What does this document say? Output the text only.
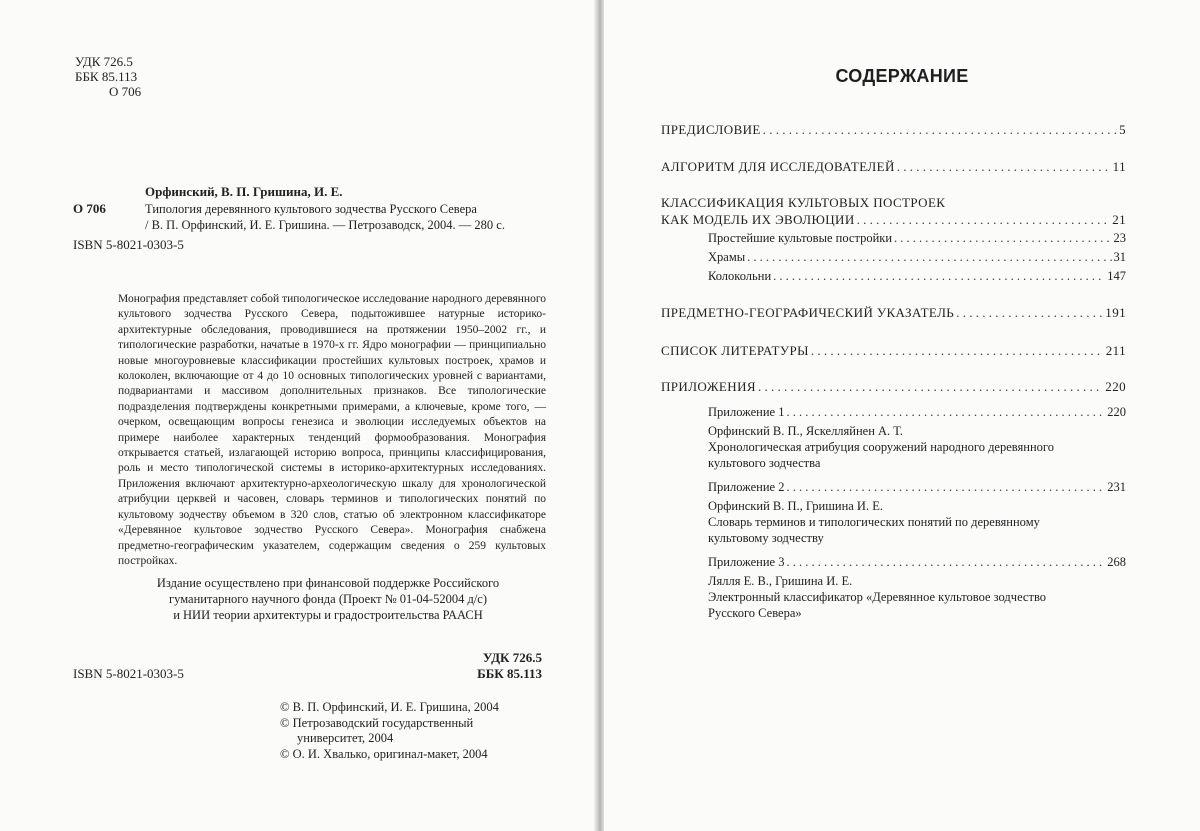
УДК 726.5
ББК 85.113
О 706
Орфинский, В. П. Гришина, И. Е.
О 706	Типология деревянного культового зодчества Русского Севера
/ В. П. Орфинский, И. Е. Гришина. — Петрозаводск, 2004. — 280 с.
ISBN 5-8021-0303-5

Монография представляет собой типологическое исследование народного деревянного культового зодчества Русского Севера, подытожившее натурные историко-архитектурные обследования, проводившиеся на протяжении 1950–2002 гг., и типологические разработки, начатые в 1970-х гг. Ядро монографии — принципиально новые многоуровневые классификации простейших культовых построек, храмов и колоколен, включающие от 4 до 10 основных типологических уровней с вариантами, подвариантами и массивом дополнительных признаков. Все типологические подразделения подтверждены конкретными примерами, а ключевые, кроме того, — очерком, освещающим вопросы генезиса и эволюции исследуемых объектов на примере наиболее характерных тенденций формообразования. Монография открывается статьей, излагающей историю вопроса, принципы классифицирования, роль и место типологической системы в историко-архитектурных исследованиях. Приложения включают архитектурно-археологическую шкалу для хронологической атрибуции церквей и часовен, словарь терминов и типологических понятий по культовому зодчеству объемом в 320 слов, статью об электронном классификаторе «Деревянное культовое зодчество Русского Севера». Монография снабжена предметно-географическим указателем, содержащим сведения о 259 культовых постройках.

Издание осуществлено при финансовой поддержке Российского
гуманитарного научного фонда (Проект № 01-04-52004 д/с)
и НИИ теории архитектуры и градостроительства РААСН
ISBN 5-8021-0303-5
УДК 726.5
ББК 85.113
© В. П. Орфинский, И. Е. Гришина, 2004
© Петрозаводский государственный
университет, 2004
© О. И. Хвалько, оригинал-макет, 2004
СОДЕРЖАНИЕ
ПРЕДИСЛОВИЕ . . .	5
АЛГОРИТМ ДЛЯ ИССЛЕДОВАТЕЛЕЙ . . .	11
КЛАССИФИКАЦИЯ КУЛЬТОВЫХ ПОСТРОЕК
КАК МОДЕЛЬ ИХ ЭВОЛЮЦИИ . . .	21
Простейшие культовые постройки . . .	23
Храмы . . .	31
Колокольни . . .	147
ПРЕДМЕТНО-ГЕОГРАФИЧЕСКИЙ УКАЗАТЕЛЬ . . .	191
СПИСОК ЛИТЕРАТУРЫ . . .	211
ПРИЛОЖЕНИЯ . . .	220
Приложение 1 . . .	220
Орфинский В. П., Яскелляйнен А. Т.
Хронологическая атрибуция сооружений народного деревянного
культового зодчества
Приложение 2 . . .	231
Орфинский В. П., Гришина И. Е.
Словарь терминов и типологических понятий по деревянному
культовому зодчеству
Приложение 3 . . .	268
Лялля Е. В., Гришина И. Е.
Электронный классификатор «Деревянное культовое зодчество
Русского Севера»
